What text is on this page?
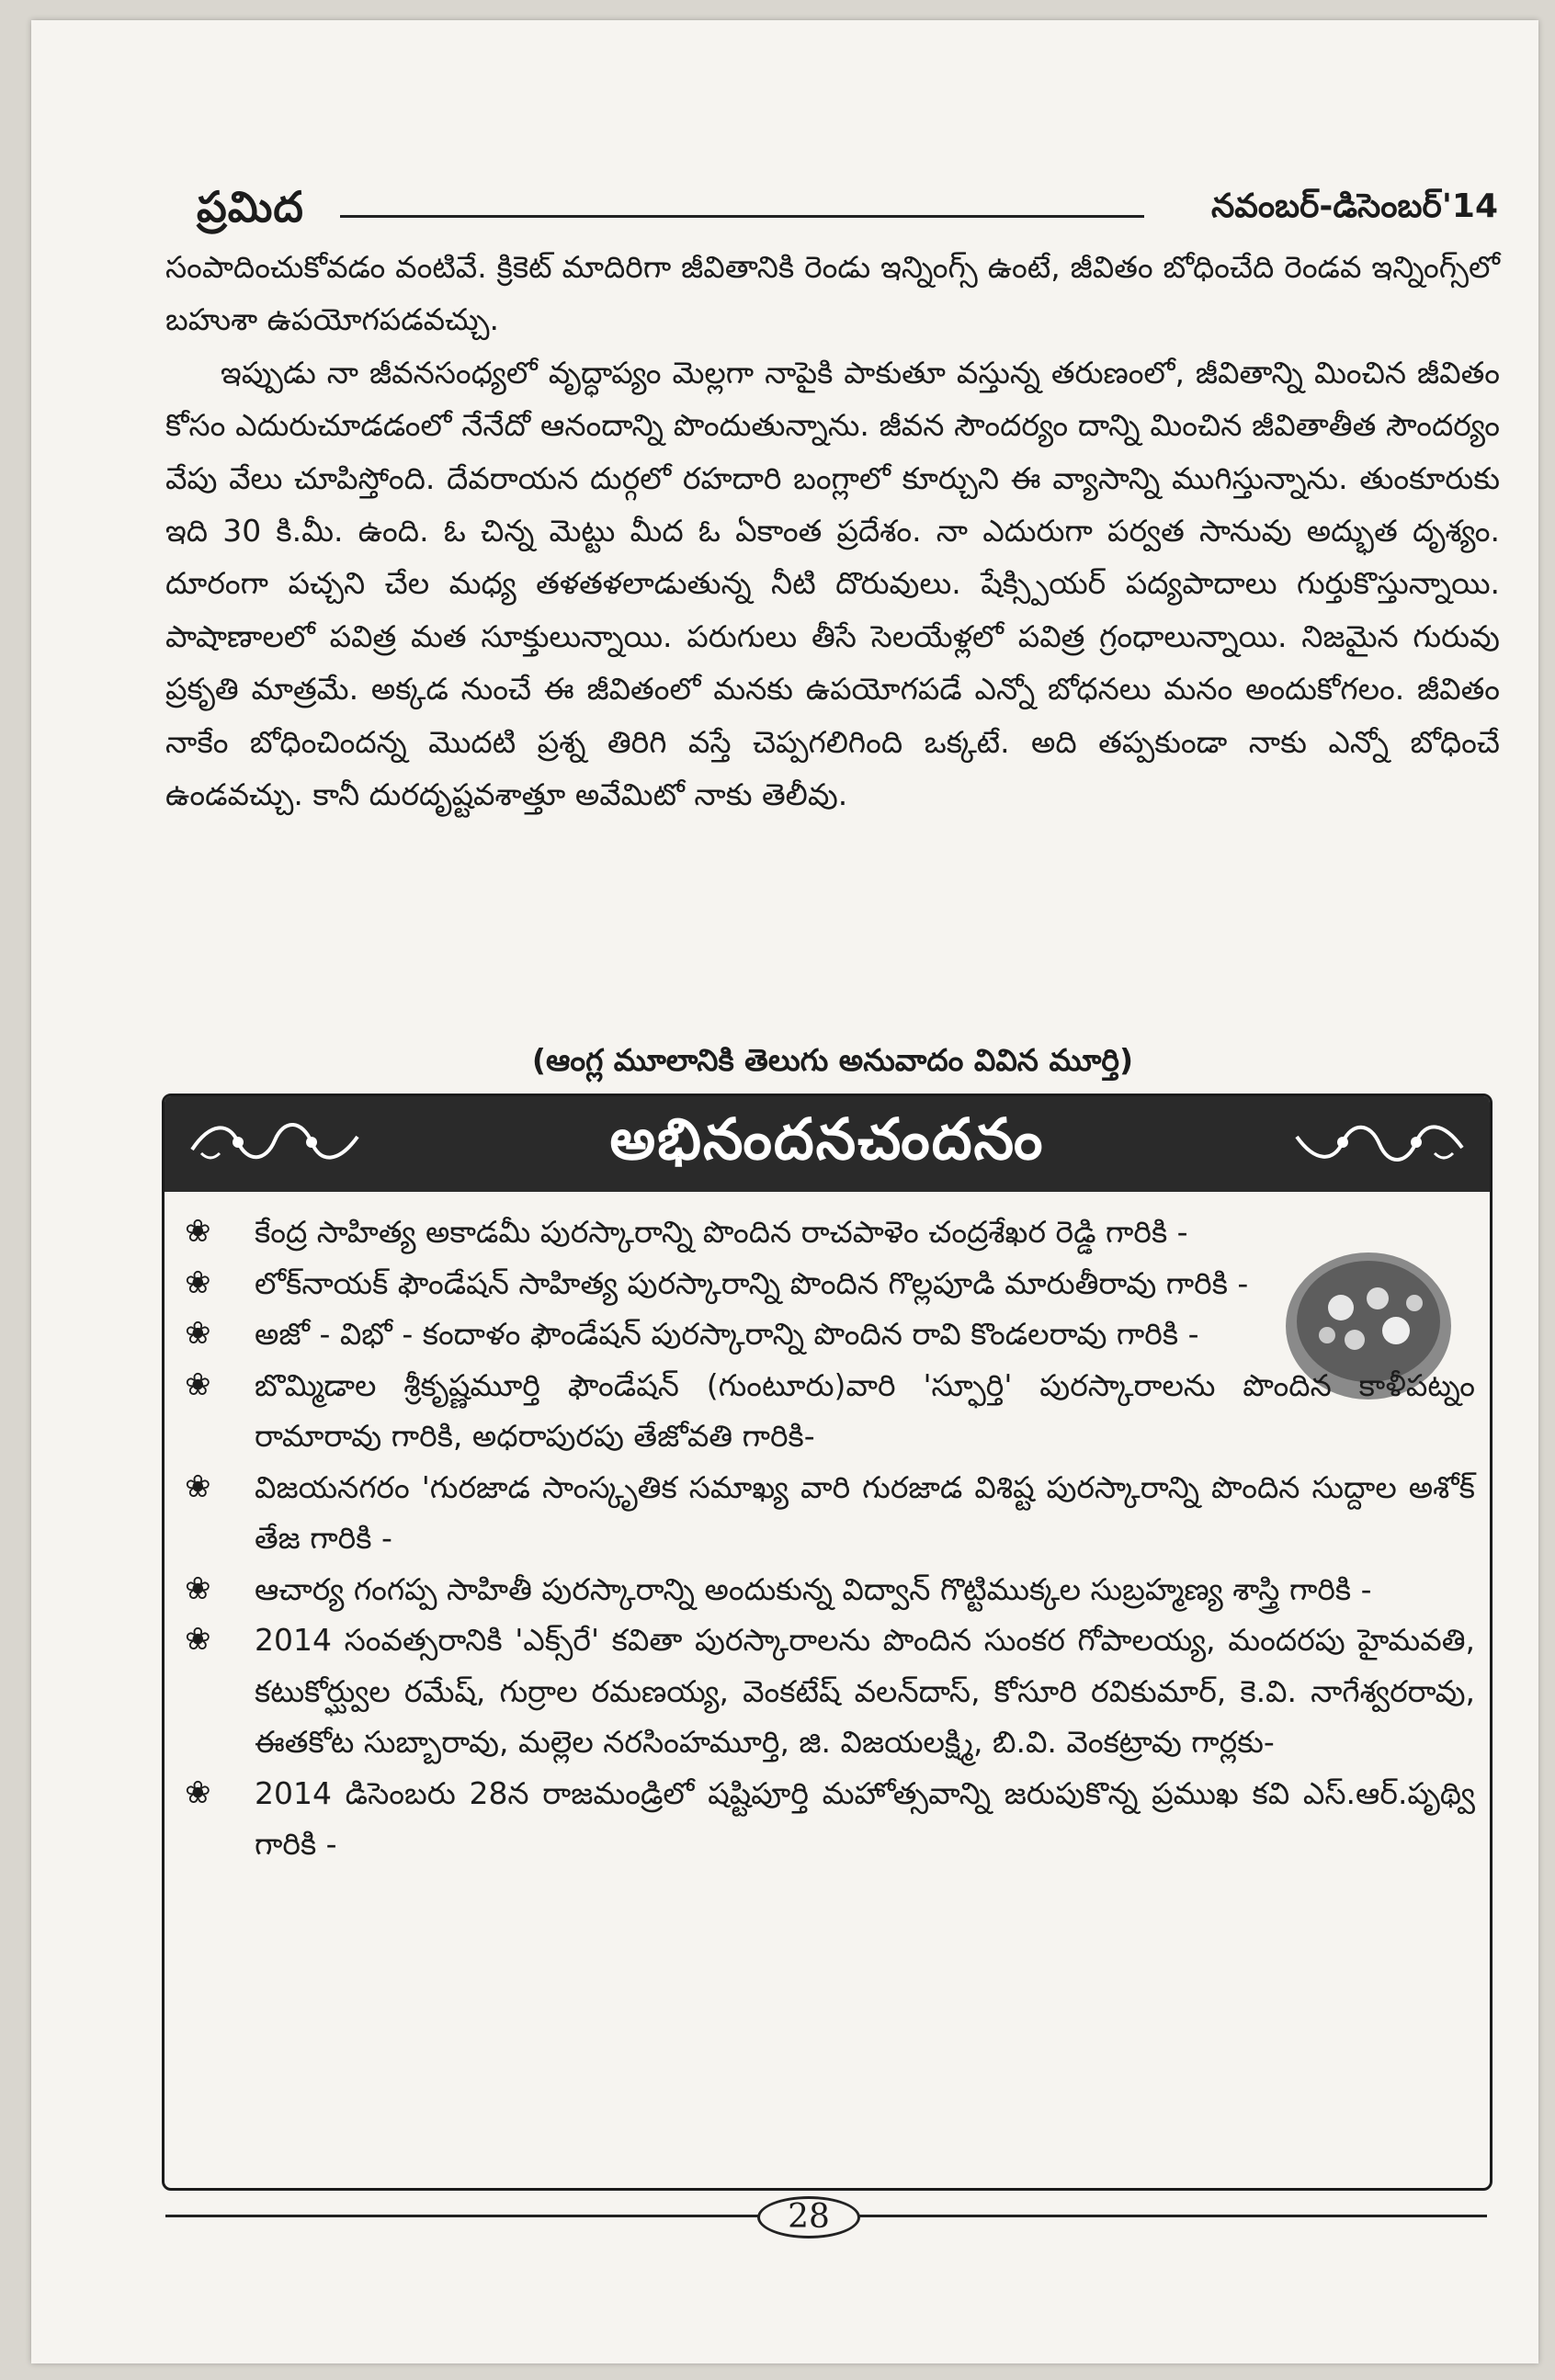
ప్రమిద	నవంబర్-డిసెంబర్'14

సంపాదించుకోవడం వంటివే. క్రికెట్ మాదిరిగా జీవితానికి రెండు ఇన్నింగ్స్ ఉంటే, జీవితం బోధించేది రెండవ ఇన్నింగ్స్‌లో బహుశా ఉపయోగపడవచ్చు.

ఇప్పుడు నా జీవనసంధ్యలో వృద్ధాప్యం మెల్లగా నాపైకి పాకుతూ వస్తున్న తరుణంలో, జీవితాన్ని మించిన జీవితం కోసం ఎదురుచూడడంలో నేనేదో ఆనందాన్ని పొందుతున్నాను. జీవన సౌందర్యం దాన్ని మించిన జీవితాతీత సౌందర్యం వేపు వేలు చూపిస్తోంది. దేవరాయన దుర్గలో రహదారి బంగ్లాలో కూర్చుని ఈ వ్యాసాన్ని ముగిస్తున్నాను. తుంకూరుకు ఇది 30 కి.మీ. ఉంది. ఓ చిన్న మెట్టు మీద ఓ ఏకాంత ప్రదేశం. నా ఎదురుగా పర్వత సానువు అద్భుత దృశ్యం. దూరంగా పచ్చని చేల మధ్య తళతళలాడుతున్న నీటి దొరువులు. షేక్స్పియర్ పద్యపాదాలు గుర్తుకొస్తున్నాయి. పాషాణాలలో పవిత్ర మత సూక్తులున్నాయి. పరుగులు తీసే సెలయేళ్లలో పవిత్ర గ్రంధాలున్నాయి. నిజమైన గురువు ప్రకృతి మాత్రమే. అక్కడ నుంచే ఈ జీవితంలో మనకు ఉపయోగపడే ఎన్నో బోధనలు మనం అందుకోగలం. జీవితం నాకేం బోధించిందన్న మొదటి ప్రశ్న తిరిగి వస్తే చెప్పగలిగింది ఒక్కటే. అది తప్పకుండా నాకు ఎన్నో బోధించే ఉండవచ్చు. కానీ దురదృష్టవశాత్తూ అవేమిటో నాకు తెలీవు.

(ఆంగ్ల మూలానికి తెలుగు అనువాదం వివిన మూర్తి)
అభినందనచందనం
❀ కేంద్ర సాహిత్య అకాడమీ పురస్కారాన్ని పొందిన రాచపాళెం చంద్రశేఖర రెడ్డి గారికి -
❀ లోక్‌నాయక్ ఫౌండేషన్ సాహిత్య పురస్కారాన్ని పొందిన గొల్లపూడి మారుతీరావు గారికి -
❀ అజో - విభో - కందాళం ఫౌండేషన్ పురస్కారాన్ని పొందిన రావి కొండలరావు గారికి -
❀ బొమ్మిడాల శ్రీకృష్ణమూర్తి ఫౌండేషన్ (గుంటూరు)వారి 'స్ఫూర్తి' పురస్కారాలను పొందిన కాళీపట్నం రామారావు గారికి, అధరాపురపు తేజోవతి గారికి-
❀ విజయనగరం 'గురజాడ సాంస్కృతిక సమాఖ్య వారి గురజాడ విశిష్ట పురస్కారాన్ని పొందిన సుద్దాల అశోక్ తేజ గారికి -
❀ ఆచార్య గంగప్ప సాహితీ పురస్కారాన్ని అందుకున్న విద్వాన్ గొట్టిముక్కల సుబ్రహ్మణ్య శాస్త్రి గారికి -
❀ 2014 సంవత్సరానికి 'ఎక్స్‌రే' కవితా పురస్కారాలను పొందిన సుంకర గోపాలయ్య, మందరపు హైమవతి, కటుకోర్ఘ్వుల రమేష్, గుర్రాల రమణయ్య, వెంకటేష్ వలన్‌దాస్, కోసూరి రవికుమార్, కె.వి. నాగేశ్వరరావు, ఈతకోట సుబ్బారావు, మల్లెల నరసింహమూర్తి, జి. విజయలక్ష్మి, బి.వి. వెంకట్రావు గార్లకు-
❀ 2014 డిసెంబరు 28న రాజమండ్రిలో షష్టిపూర్తి మహోత్సవాన్ని జరుపుకొన్న ప్రముఖ కవి ఎస్.ఆర్.పృథ్వి గారికి -
28
